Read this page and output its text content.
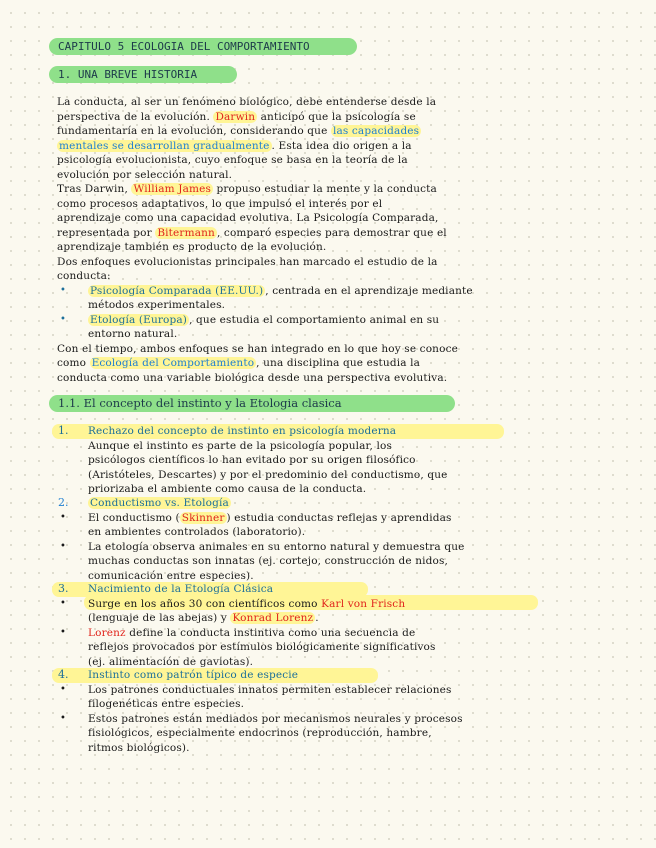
CAPITULO 5 ECOLOGIA DEL COMPORTAMIENTO
1. UNA BREVE HISTORIA
La conducta, al ser un fenómeno biológico, debe entenderse desde la
perspectiva de la evolución. Darwin anticipó que la psicología se
fundamentaría en la evolución, considerando que las capacidades
mentales se desarrollan gradualmente . Esta idea dio origen a la
psicología evolucionista, cuyo enfoque se basa en la teoría de la
evolución por selección natural.
Tras Darwin, William James propuso estudiar la mente y la conducta
como procesos adaptativos, lo que impulsó el interés por el
aprendizaje como una capacidad evolutiva. La Psicología Comparada,
representada por Bitermann , comparó especies para demostrar que el
aprendizaje también es producto de la evolución.
Dos enfoques evolucionistas principales han marcado el estudio de la
conducta:
• Psicología Comparada (EE.UU.) , centrada en el aprendizaje mediante
métodos experimentales.
• Etología (Europa) , que estudia el comportamiento animal en su
entorno natural.
Con el tiempo, ambos enfoques se han integrado en lo que hoy se conoce
como Ecología del Comportamiento , una disciplina que estudia la
conducta como una variable biológica desde una perspectiva evolutiva.
1.1. El concepto del instinto y la Etologia clasica
1. Rechazo del concepto de instinto en psicología moderna
Aunque el instinto es parte de la psicología popular, los
psicólogos científicos lo han evitado por su origen filosófico
(Aristóteles, Descartes) y por el predominio del conductismo, que
priorizaba el ambiente como causa de la conducta.
2. Conductismo vs. Etología
• El conductismo ( Skinner ) estudia conductas reflejas y aprendidas
en ambientes controlados (laboratorio).
• La etología observa animales en su entorno natural y demuestra que
muchas conductas son innatas (ej. cortejo, construcción de nidos,
comunicación entre especies).
3. Nacimiento de la Etología Clásica
• Surge en los años 30 con científicos como Karl von Frisch
(lenguaje de las abejas) y Konrad Lorenz .
• Lorenz define la conducta instintiva como una secuencia de
reflejos provocados por estímulos biológicamente significativos
(ej. alimentación de gaviotas).
4. Instinto como patrón típico de especie
• Los patrones conductuales innatos permiten establecer relaciones
filogenéticas entre especies.
• Estos patrones están mediados por mecanismos neurales y procesos
fisiológicos, especialmente endocrinos (reproducción, hambre,
ritmos biológicos).
